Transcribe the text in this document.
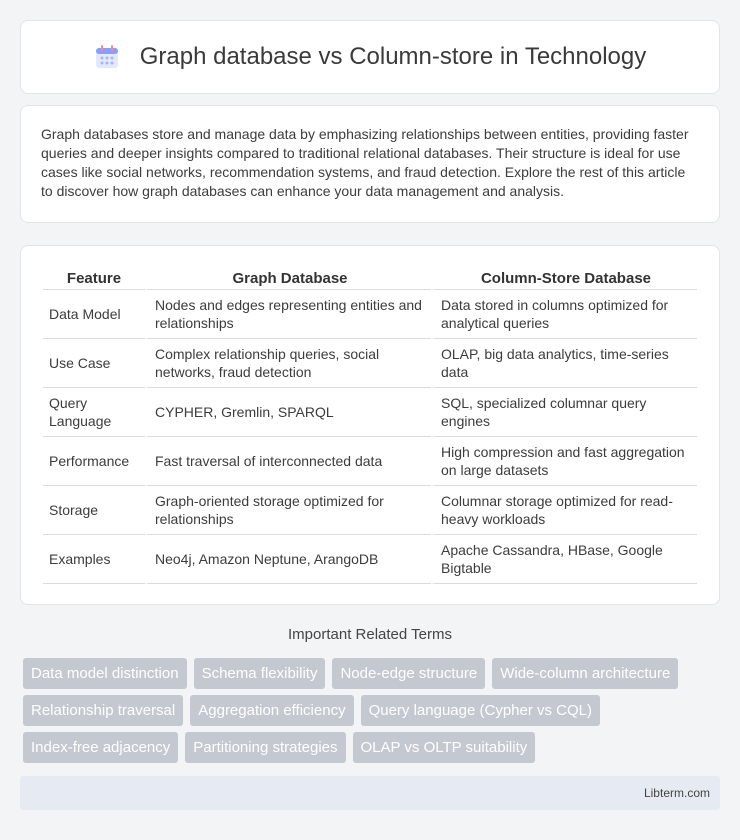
Graph database vs Column-store in Technology

Graph databases store and manage data by emphasizing relationships between entities, providing faster queries and deeper insights compared to traditional relational databases. Their structure is ideal for use cases like social networks, recommendation systems, and fraud detection. Explore the rest of this article to discover how graph databases can enhance your data management and analysis.

Feature	Graph Database	Column-Store Database
Data Model	Nodes and edges representing entities and relationships	Data stored in columns optimized for analytical queries
Use Case	Complex relationship queries, social networks, fraud detection	OLAP, big data analytics, time-series data
Query Language	CYPHER, Gremlin, SPARQL	SQL, specialized columnar query engines
Performance	Fast traversal of interconnected data	High compression and fast aggregation on large datasets
Storage	Graph-oriented storage optimized for relationships	Columnar storage optimized for read-heavy workloads
Examples	Neo4j, Amazon Neptune, ArangoDB	Apache Cassandra, HBase, Google Bigtable
Important Related Terms
Data model distinction	Schema flexibility	Node-edge structure	Wide-column architecture
Relationship traversal	Aggregation efficiency	Query language (Cypher vs CQL)
Index-free adjacency	Partitioning strategies	OLAP vs OLTP suitability
Libterm.com
